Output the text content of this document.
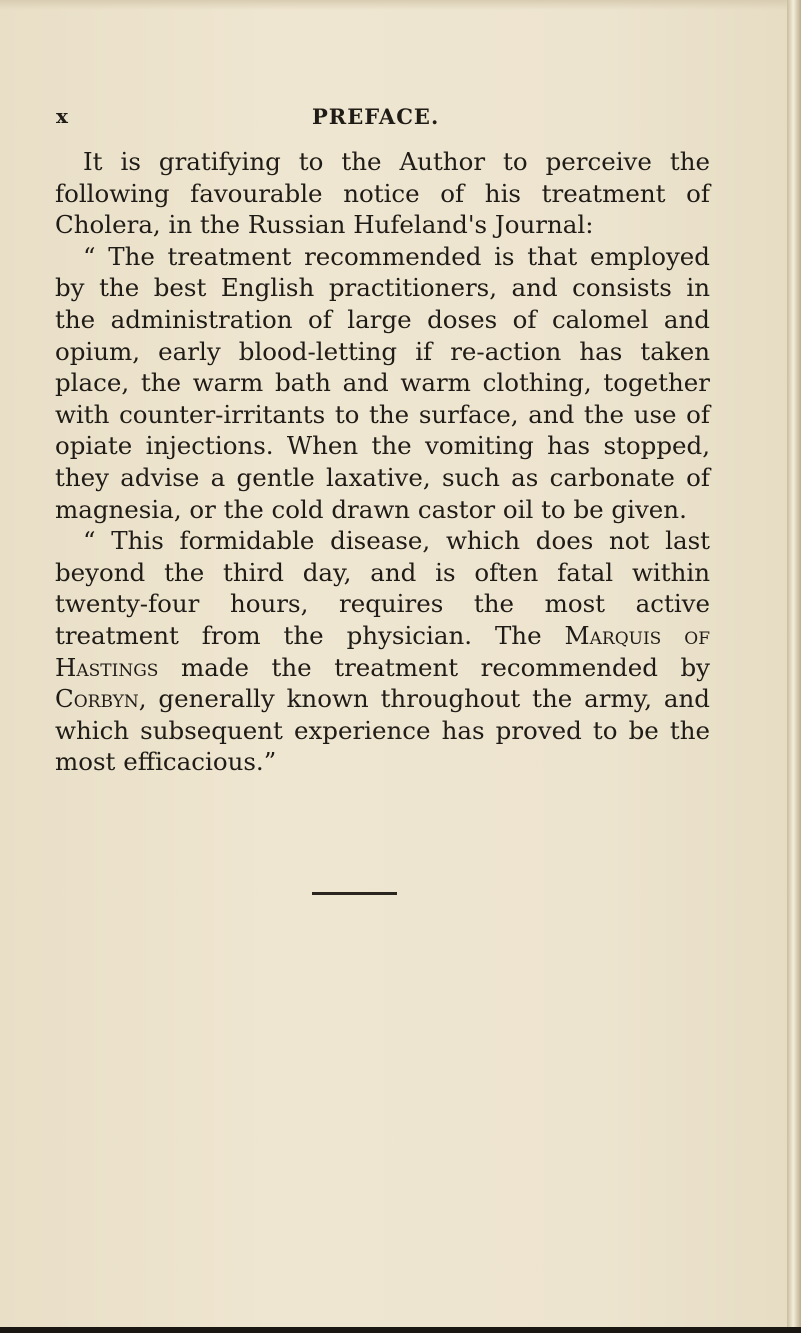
x	PREFACE.

It is gratifying to the Author to perceive the following favourable notice of his treatment of Cholera, in the Russian Hufeland's Journal:

“ The treatment recommended is that employed by the best English practitioners, and consists in the administration of large doses of calomel and opium, early blood-letting if re-action has taken place, the warm bath and warm clothing, together with counter-irritants to the surface, and the use of opiate injections. When the vomiting has stopped, they advise a gentle laxative, such as carbonate of magnesia, or the cold drawn castor oil to be given.

“ This formidable disease, which does not last beyond the third day, and is often fatal within twenty-four hours, requires the most active treatment from the physician. The Marquis of Hastings made the treatment recommended by Corbyn, generally known throughout the army, and which subsequent experience has proved to be the most efficacious.”
